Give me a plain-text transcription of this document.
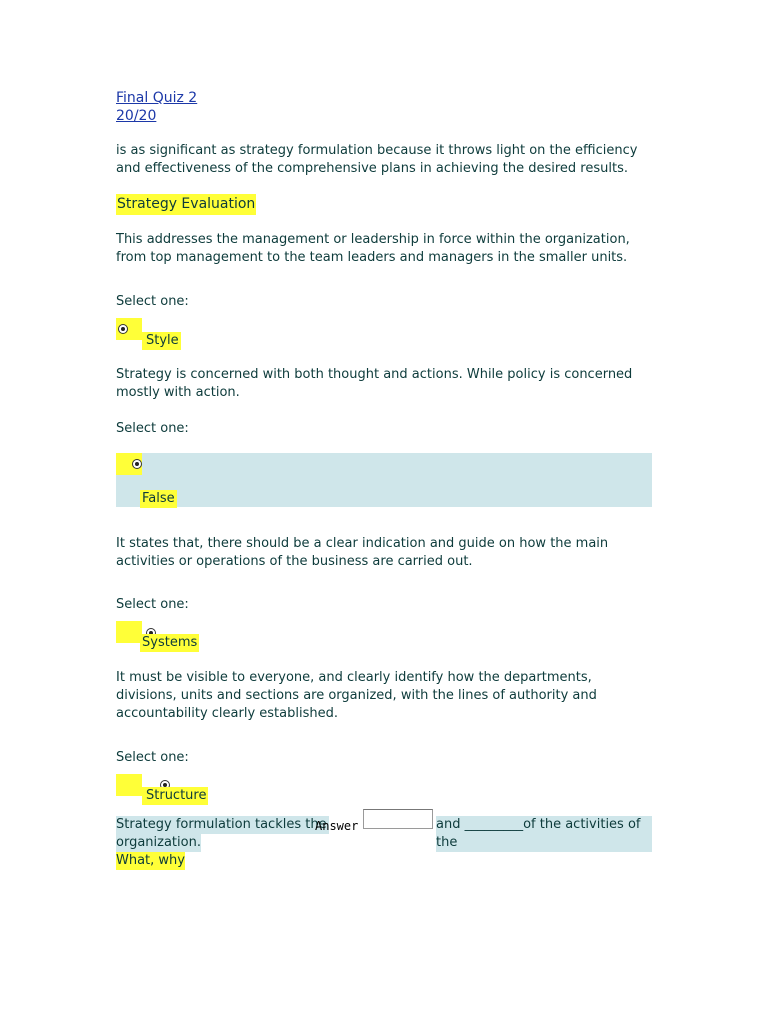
Final Quiz 2
20/20
is as significant as strategy formulation because it throws light on the efficiency and effectiveness of the comprehensive plans in achieving the desired results.
Strategy Evaluation
This addresses the management or leadership in force within the organization, from top management to the team leaders and managers in the smaller units.
Select one:

Style
Strategy is concerned with both thought and actions. While policy is concerned mostly with action.
Select one:

False
It states that, there should be a clear indication and guide on how the main activities or operations of the business are carried out.
Select one:

Systems
It must be visible to everyone, and clearly identify how the departments, divisions, units and sections are organized, with the lines of authority and accountability clearly established.
Select one:
Structure
Strategy formulation tackles the
Answer	and _________of the activities of the
organization.
What, why
